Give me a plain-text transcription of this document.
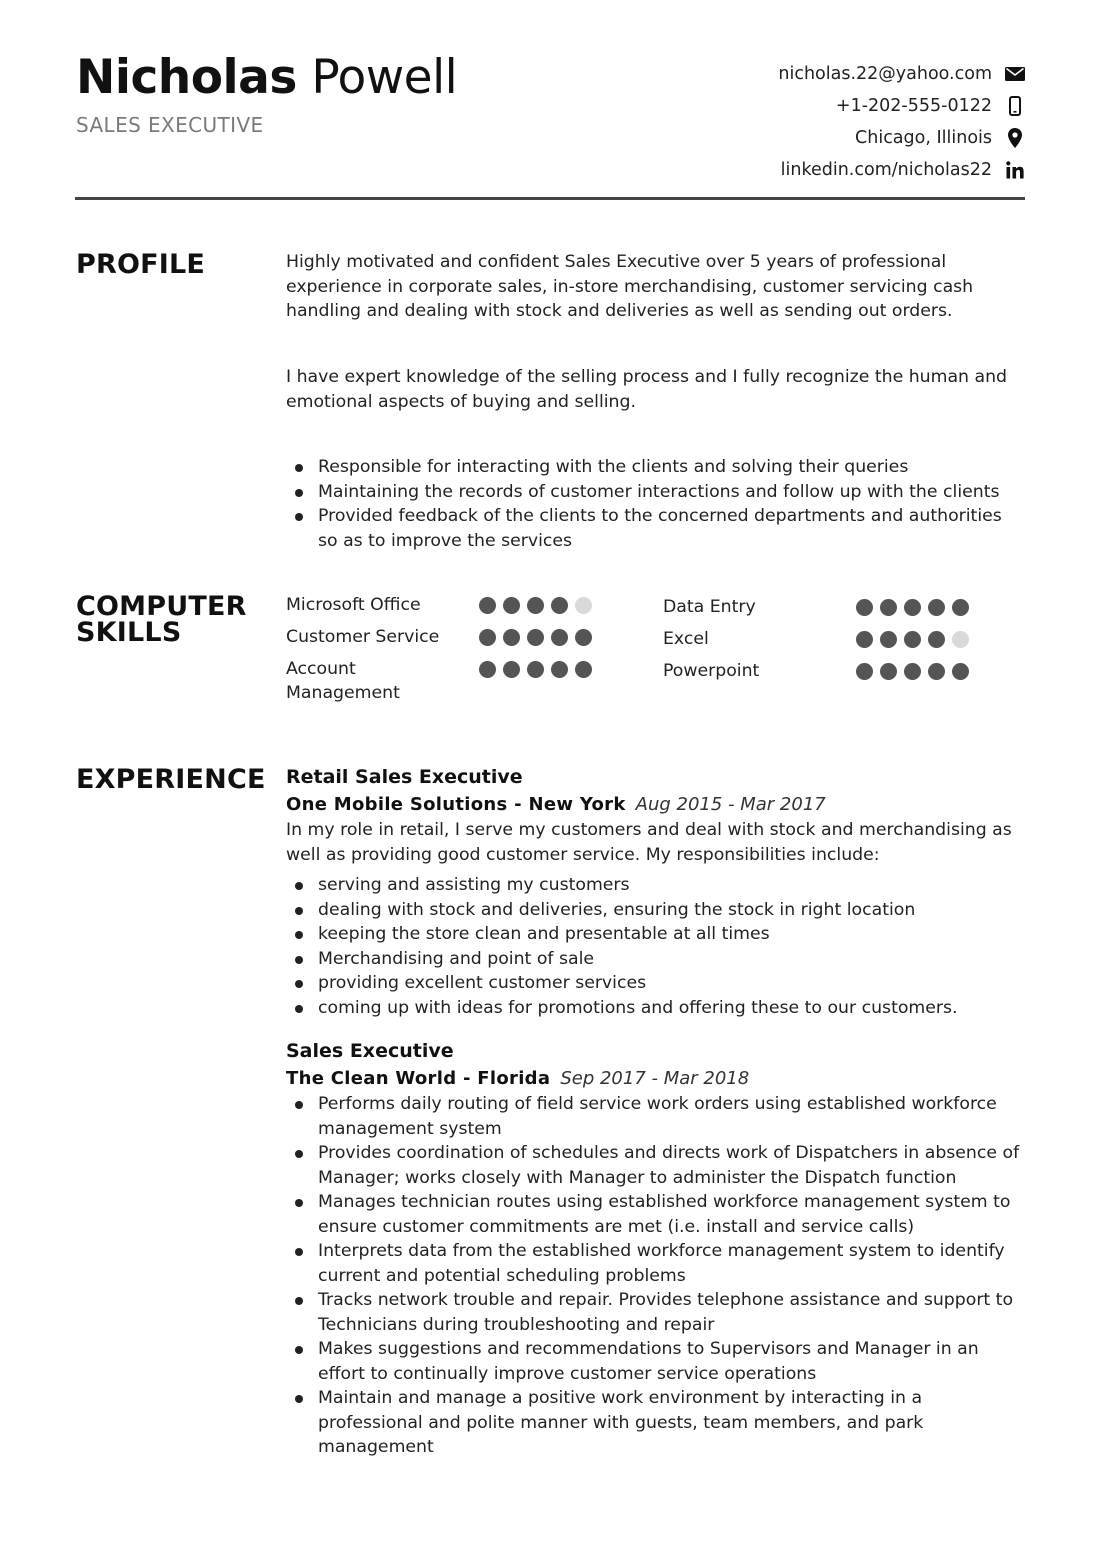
Nicholas Powell
SALES EXECUTIVE
nicholas.22@yahoo.com
+1-202-555-0122
Chicago, Illinois
linkedin.com/nicholas22
PROFILE	Highly motivated and confident Sales Executive over 5 years of professional experience in corporate sales, in-store merchandising, customer servicing cash handling and dealing with stock and deliveries as well as sending out orders.

I have expert knowledge of the selling process and I fully recognize the human and emotional aspects of buying and selling.

Responsible for interacting with the clients and solving their queries
Maintaining the records of customer interactions and follow up with the clients
Provided feedback of the clients to the concerned departments and authorities so as to improve the services
COMPUTER SKILLS
Microsoft Office
Customer Service
Account Management
Data Entry
Excel
Powerpoint
EXPERIENCE Retail Sales Executive
One Mobile Solutions - New York Aug 2015 - Mar 2017

In my role in retail, I serve my customers and deal with stock and merchandising as well as providing good customer service. My responsibilities include:

serving and assisting my customers
dealing with stock and deliveries, ensuring the stock in right location
keeping the store clean and presentable at all times
Merchandising and point of sale
providing excellent customer services
coming up with ideas for promotions and offering these to our customers.
Sales Executive
The Clean World - Florida Sep 2017 - Mar 2018
Performs daily routing of field service work orders using established workforce management system
Provides coordination of schedules and directs work of Dispatchers in absence of Manager; works closely with Manager to administer the Dispatch function
Manages technician routes using established workforce management system to ensure customer commitments are met (i.e. install and service calls)
Interprets data from the established workforce management system to identify current and potential scheduling problems
Tracks network trouble and repair. Provides telephone assistance and support to Technicians during troubleshooting and repair
Makes suggestions and recommendations to Supervisors and Manager in an effort to continually improve customer service operations
Maintain and manage a positive work environment by interacting in a professional and polite manner with guests, team members, and park management
